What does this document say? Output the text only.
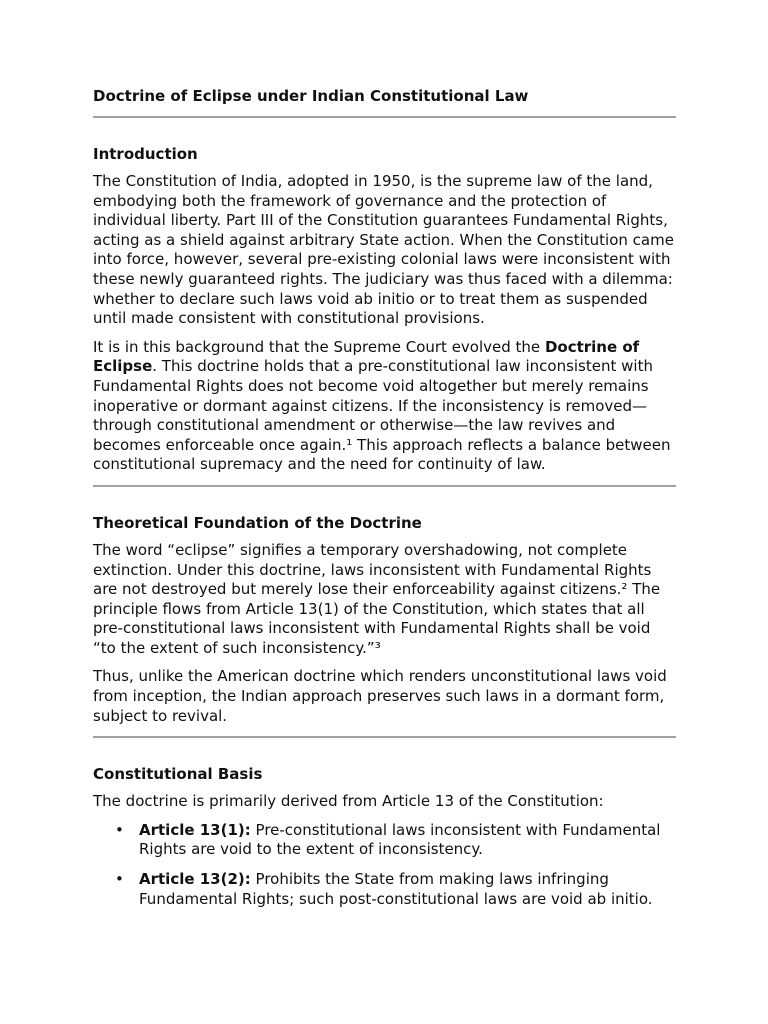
Doctrine of Eclipse under Indian Constitutional Law
Introduction

The Constitution of India, adopted in 1950, is the supreme law of the land, embodying both the framework of governance and the protection of individual liberty. Part III of the Constitution guarantees Fundamental Rights, acting as a shield against arbitrary State action. When the Constitution came into force, however, several pre-existing colonial laws were inconsistent with these newly guaranteed rights. The judiciary was thus faced with a dilemma: whether to declare such laws void ab initio or to treat them as suspended until made consistent with constitutional provisions.

It is in this background that the Supreme Court evolved the Doctrine of Eclipse. This doctrine holds that a pre-constitutional law inconsistent with Fundamental Rights does not become void altogether but merely remains inoperative or dormant against citizens. If the inconsistency is removed—through constitutional amendment or otherwise—the law revives and becomes enforceable once again.¹ This approach reflects a balance between constitutional supremacy and the need for continuity of law.

Theoretical Foundation of the Doctrine

The word “eclipse” signifies a temporary overshadowing, not complete extinction. Under this doctrine, laws inconsistent with Fundamental Rights are not destroyed but merely lose their enforceability against citizens.² The principle flows from Article 13(1) of the Constitution, which states that all pre-constitutional laws inconsistent with Fundamental Rights shall be void “to the extent of such inconsistency.”³

Thus, unlike the American doctrine which renders unconstitutional laws void from inception, the Indian approach preserves such laws in a dormant form, subject to revival.

Constitutional Basis

The doctrine is primarily derived from Article 13 of the Constitution:

• Article 13(1): Pre-constitutional laws inconsistent with Fundamental Rights are void to the extent of inconsistency.
• Article 13(2): Prohibits the State from making laws infringing Fundamental Rights; such post-constitutional laws are void ab initio.
